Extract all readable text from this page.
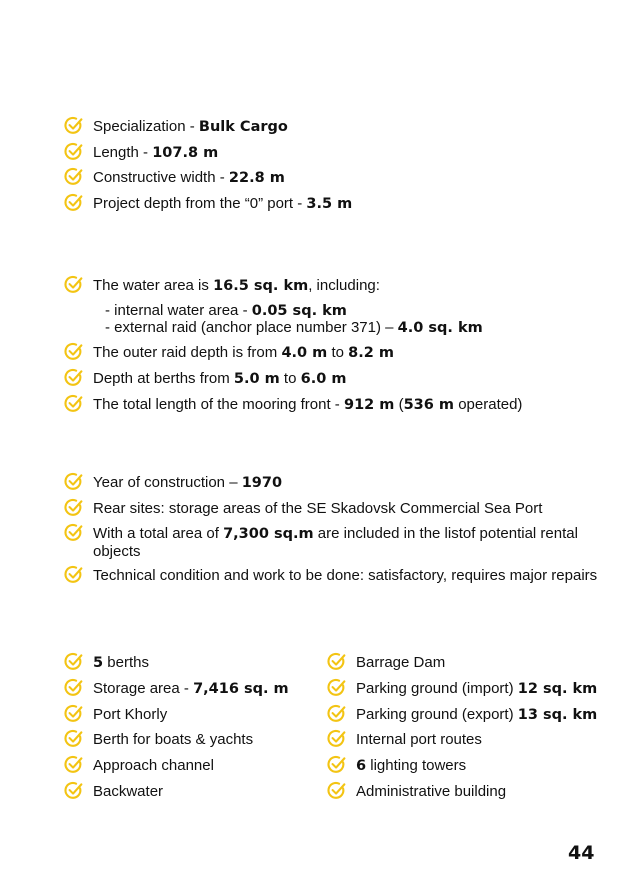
Specialization - Bulk Cargo
Length - 107.8 m
Constructive width - 22.8 m
Project depth from the “0” port - 3.5 m
The water area is 16.5 sq. km, including:
- internal water area - 0.05 sq. km
- external raid (anchor place number 371) – 4.0 sq. km
The outer raid depth is from 4.0 m to 8.2 m
Depth at berths from 5.0 m to 6.0 m
The total length of the mooring front - 912 m (536 m operated)
Year of construction – 1970
Rear sites: storage areas of the SE Skadovsk Commercial Sea Port
With a total area of 7,300 sq.m are included in the listof potential rental objects
Technical condition and work to be done: satisfactory, requires major repairs
5 berths
Storage area - 7,416 sq. m
Port Khorly
Berth for boats & yachts
Approach channel
Backwater
Barrage Dam
Parking ground (import) 12 sq. km
Parking ground (export) 13 sq. km
Internal port routes
6 lighting towers
Administrative building
44
